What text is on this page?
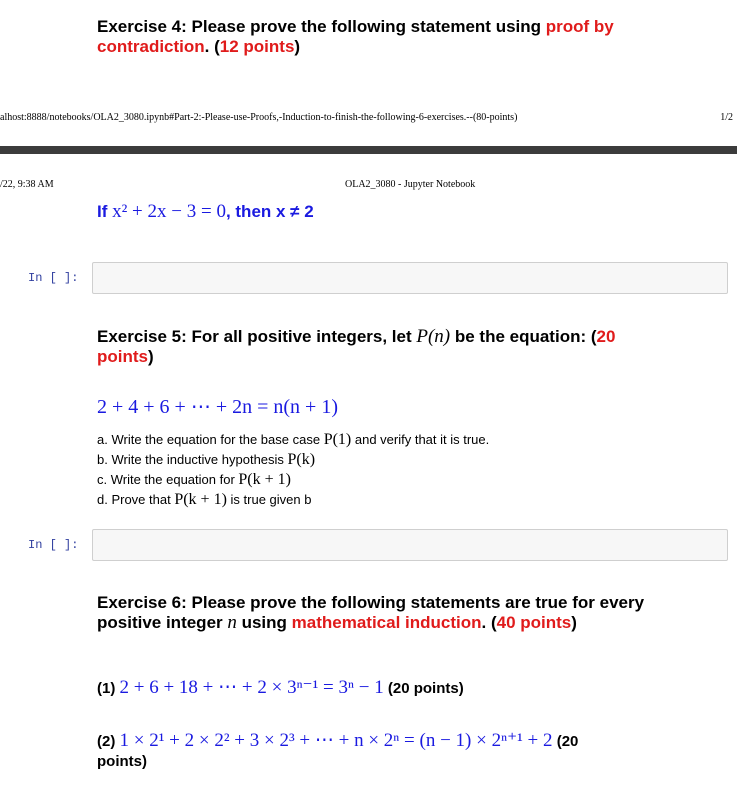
Exercise 4: Please prove the following statement using proof by
contradiction. (12 points)
alhost:8888/notebooks/OLA2_3080.ipynb#Part-2:-Please-use-Proofs,-Induction-to-finish-the-following-6-exercises.--(80-points)	1/2
/22, 9:38 AM	OLA2_3080 - Jupyter Notebook
If x² + 2x − 3 = 0, then x ≠ 2
In [ ]:
Exercise 5: For all positive integers, let P(n) be the equation: (20
points)
2 + 4 + 6 + ⋯ + 2n = n(n + 1)
a. Write the equation for the base case P(1) and verify that it is true.
b. Write the inductive hypothesis P(k)
c. Write the equation for P(k + 1)
d. Prove that P(k + 1) is true given b
In [ ]:
Exercise 6: Please prove the following statements are true for every
positive integer n using mathematical induction. (40 points)
(1) 2 + 6 + 18 + ⋯ + 2 × 3ⁿ⁻¹ = 3ⁿ − 1 (20 points)
(2) 1 × 2¹ + 2 × 2² + 3 × 2³ + ⋯ + n × 2ⁿ = (n − 1) × 2ⁿ⁺¹ + 2 (20
points)
